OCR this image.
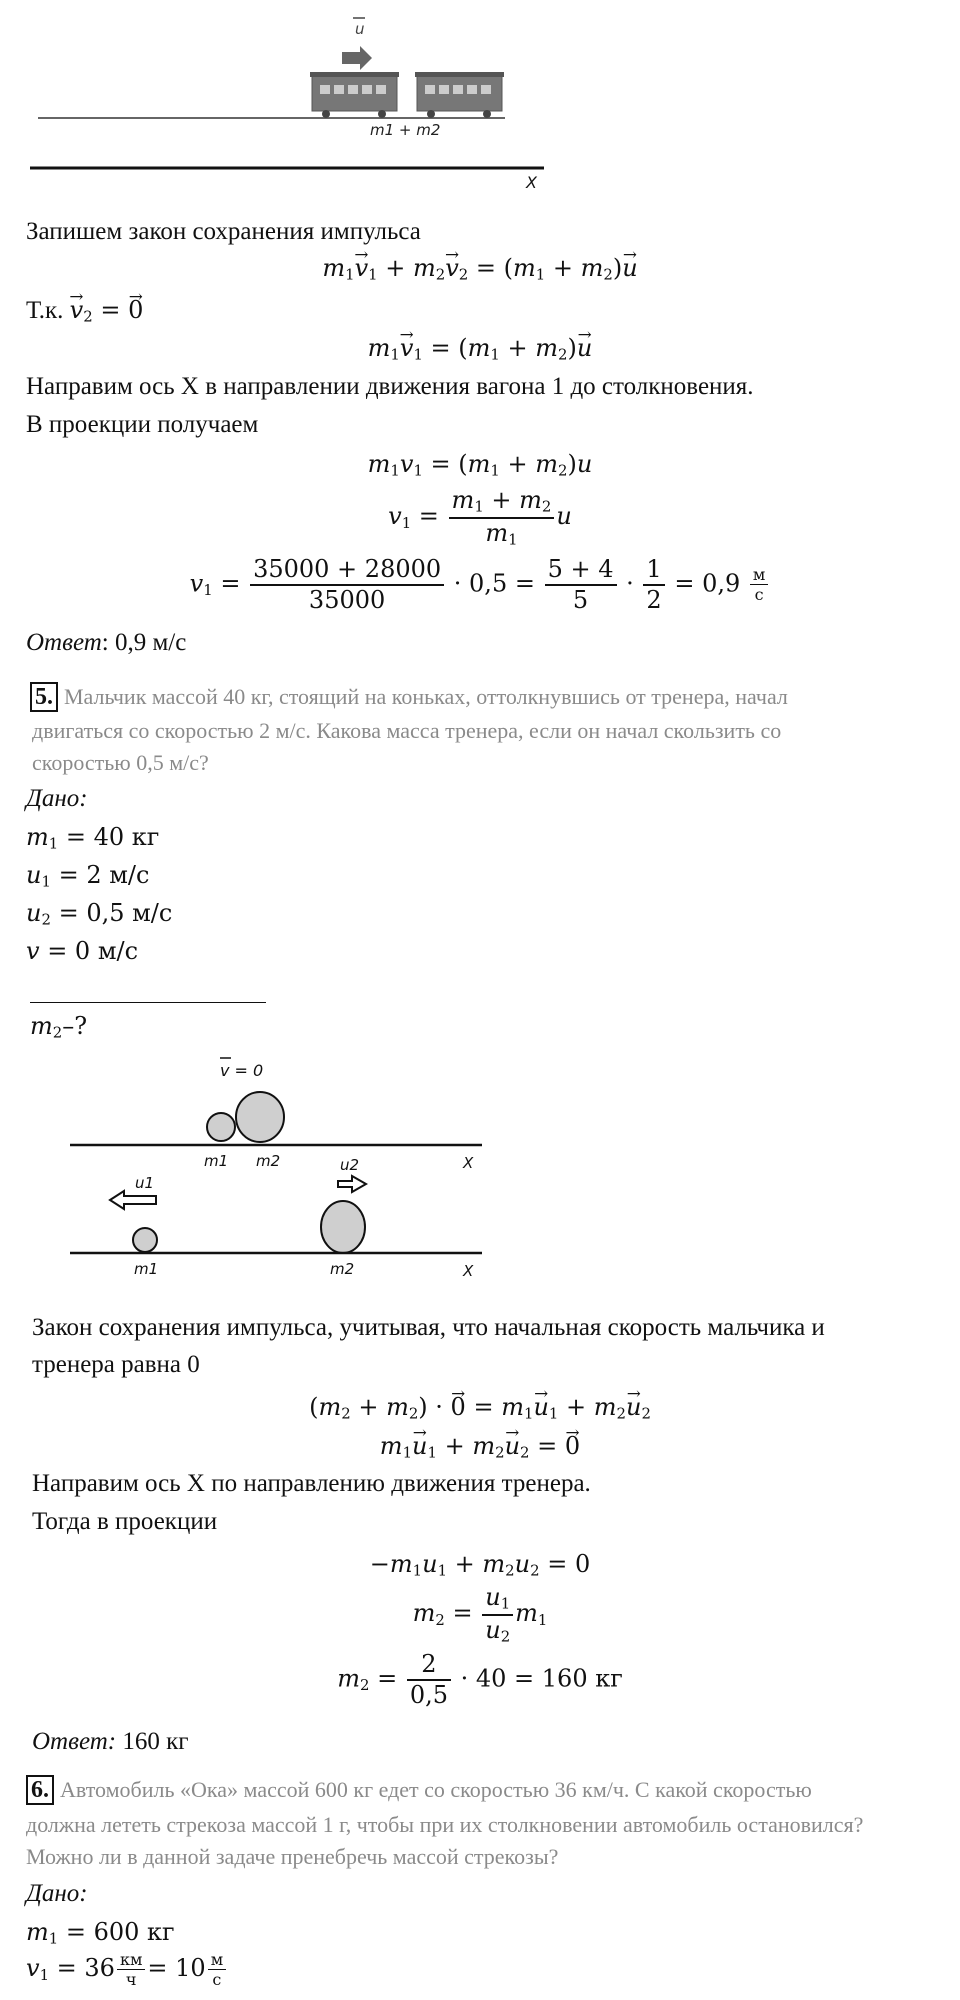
u
m1 + m2
X
Запишем закон сохранения импульса
$m_1\to v_1 + m_2\to v_2 = (m_1 + m_2)\to u$
Т.к. → $v_2$ = → 0
$m_1\to v_1 = (m_1 + m_2)\to u$
Направим ось X в направлении движения вагона 1 до столкновения.
В проекции получаем
$m_1v_1 = (m_1 + m_2)u$
$v_1 = \frac{m_1 + m_2}{m_1}$ u
$v_1 = \frac{35000 + 28000}{35000} \cdot 0,5 = \frac{5 + 4}{5} \cdot \frac{1}{2} = 0,9 \frac{м}{с}$
Ответ: 0,9 м/с
5. Мальчик массой 40 кг, стоящий на коньках, оттолкнувшись от тренера, начал
двигаться со скоростью 2 м/с. Какова масса тренера, если он начал скользить со
скоростью 0,5 м/с?
Дано:
$m_1 = 40$ кг
$u_1 = 2$ м/с
$u_2 = 0,5$ м/с
v = 0 м/с
$m_2-$?
v = 0
m1 m2	X
u1
u2
m1	m2	X
Закон сохранения импульса, учитывая, что начальная скорость мальчика и
тренера равна 0
$(m_2 + m_2)$ · → $0 = m_1\to u_1 + m_2\to u_2$
$m_1\to u_1 + m_2\to u_2$ = → 0
Направим ось X по направлению движения тренера.
Тогда в проекции
$-m_1u_1 + m_2u_2 = 0$
$m_2 = \frac{u_1}{u_2} m_1$
$m_2 = \frac{2}{0,5} \cdot 40 = 160$ кг
Ответ: 160 кг
6. Автомобиль «Ока» массой 600 кг едет со скоростью 36 км/ч. С какой скоростью
должна лететь стрекоза массой 1 г, чтобы при их столкновении автомобиль остановился?
Можно ли в данной задаче пренебречь массой стрекозы?
Дано:
$m_1 = 600$ кг
$v_1 = 36 \frac{км}{ч} = 10 \frac{м}{с}$
